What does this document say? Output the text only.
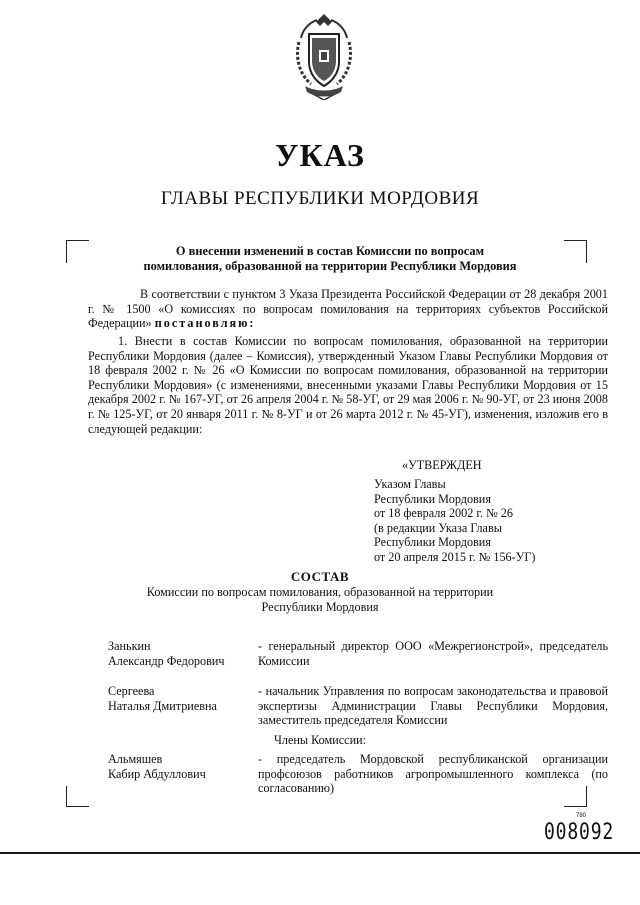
УКАЗ
ГЛАВЫ РЕСПУБЛИКИ МОРДОВИЯ
О внесении изменений в состав Комиссии по вопросам
помилования, образованной на территории Республики Мордовия
В соответствии с пунктом 3 Указа Президента Российской Федерации от 28 декабря 2001 г. № 1500 «О комиссиях по вопросам помилования на территориях субъектов Российской Федерации» постановляю:
1. Внести в состав Комиссии по вопросам помилования, образованной на территории Республики Мордовия (далее – Комиссия), утвержденный Указом Главы Республики Мордовия от 18 февраля 2002 г. № 26 «О Комиссии по вопросам помилования, образованной на территории Республики Мордовия» (с изменениями, внесенными указами Главы Республики Мордовия от 15 декабря 2002 г. № 167-УГ, от 26 апреля 2004 г. № 58-УГ, от 29 мая 2006 г. № 90-УГ, от 23 июня 2008 г. № 125-УГ, от 20 января 2011 г. № 8-УГ и от 26 марта 2012 г. № 45-УГ), изменения, изложив его в следующей редакции:
«УТВЕРЖДЕН
Указом Главы
Республики Мордовия
от 18 февраля 2002 г. № 26
(в редакции Указа Главы
Республики Мордовия
от 20 апреля 2015 г. № 156-УГ)
СОСТАВ
Комиссии по вопросам помилования, образованной на территории Республики Мордовия
Занькин
Александр Федорович
- генеральный директор ООО «Межрегионстрой», председатель Комиссии
Сергеева
Наталья Дмитриевна
- начальник Управления по вопросам законодательства и правовой экспертизы Администрации Главы Республики Мордовия, заместитель председателя Комиссии
Альмяшев
Кабир Абдуллович
- председатель Мордовской республиканской организации профсоюзов работников агропромышленного комплекса (по согласованию)
Члены Комиссии:
780
008092
